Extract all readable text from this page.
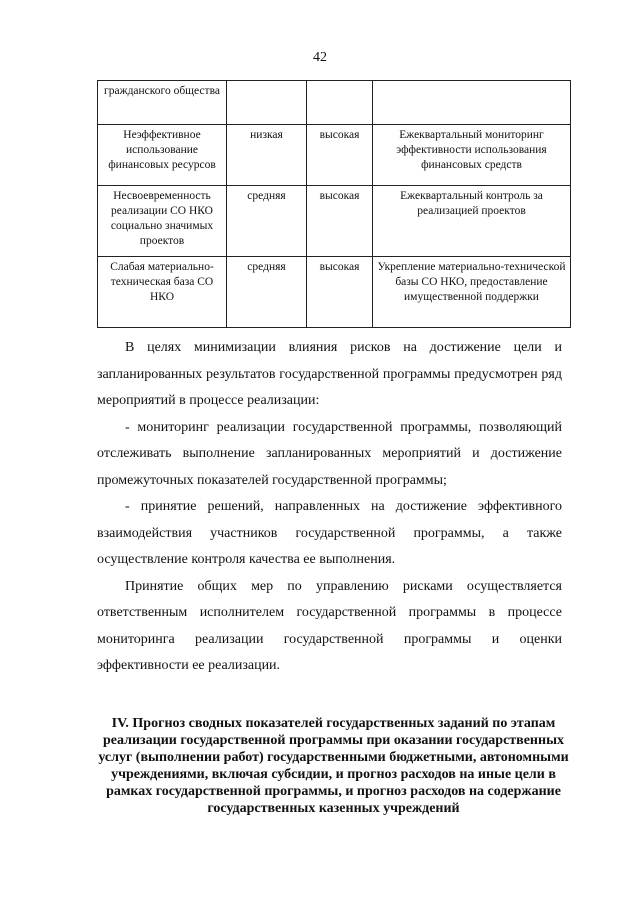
42
гражданского общества			
Неэффективное использование финансовых ресурсов	низкая	высокая	Ежеквартальный мониторинг эффективности использования финансовых средств
Несвоевременность реализации СО НКО социально значимых проектов	средняя	высокая	Ежеквартальный контроль за реализацией проектов
Слабая материально-техническая база СО НКО	средняя	высокая	Укрепление материально-технической базы СО НКО, предоставление имущественной поддержки

В целях минимизации влияния рисков на достижение цели и запланированных результатов государственной программы предусмотрен ряд мероприятий в процессе реализации:

- мониторинг реализации государственной программы, позволяющий отслеживать выполнение запланированных мероприятий и достижение промежуточных показателей государственной программы;

- принятие решений, направленных на достижение эффективного взаимодействия участников государственной программы, а также осуществление контроля качества ее выполнения.

Принятие общих мер по управлению рисками осуществляется ответственным исполнителем государственной программы в процессе мониторинга реализации государственной программы и оценки эффективности ее реализации.

IV. Прогноз сводных показателей государственных заданий по этапам реализации государственной программы при оказании государственных услуг (выполнении работ) государственными бюджетными, автономными учреждениями, включая субсидии, и прогноз расходов на иные цели в рамках государственной программы, и прогноз расходов на содержание государственных казенных учреждений
